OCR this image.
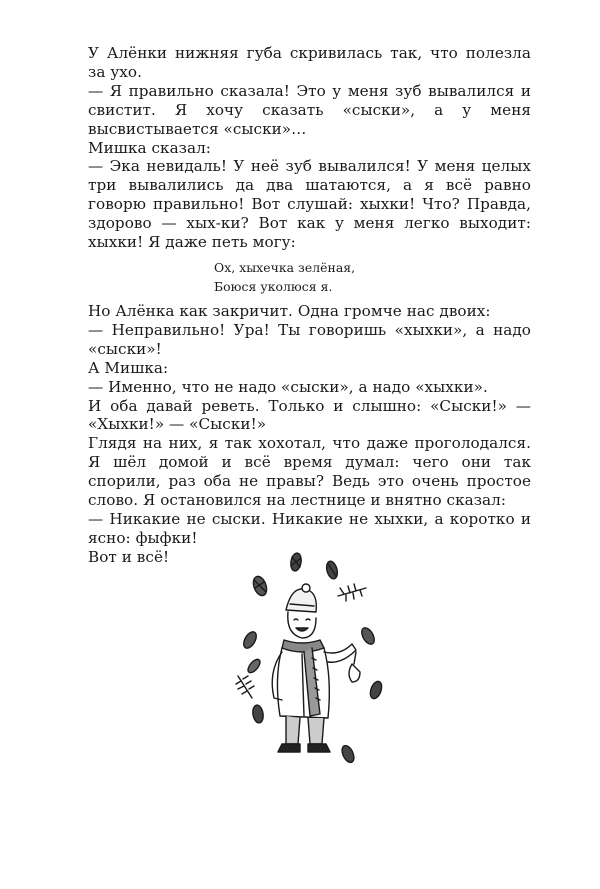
У Алёнки нижняя губа скривилась так, что полезла за ухо.

— Я правильно сказала! Это у меня зуб вывалился и свистит. Я хочу сказать «сыски», а у меня высвистывается «сыски»…

Мишка сказал:

— Эка невидаль! У неё зуб вывалился! У меня целых три вывалились да два шатаются, а я всё равно говорю правильно! Вот слушай: хыхки! Что? Правда, здорово — хых-ки? Вот как у меня легко выходит: хыхки! Я даже петь могу:

Ох, хыхечка зелёная,
Боюся уколюся я.

Но Алёнка как закричит. Одна громче нас двоих:

— Неправильно! Ура! Ты говоришь «хыхки», а надо «сыски»!

А Мишка:

— Именно, что не надо «сыски», а надо «хыхки».

И оба давай реветь. Только и слышно: «Сыски!» — «Хыхки!» — «Сыски!»

Глядя на них, я так хохотал, что даже проголодался. Я шёл домой и всё время думал: чего они так спорили, раз оба не правы? Ведь это очень простое слово. Я остановился на лестнице и внятно сказал:

— Никакие не сыски. Никакие не хыхки, а коротко и ясно: фыфки!

Вот и всё!
